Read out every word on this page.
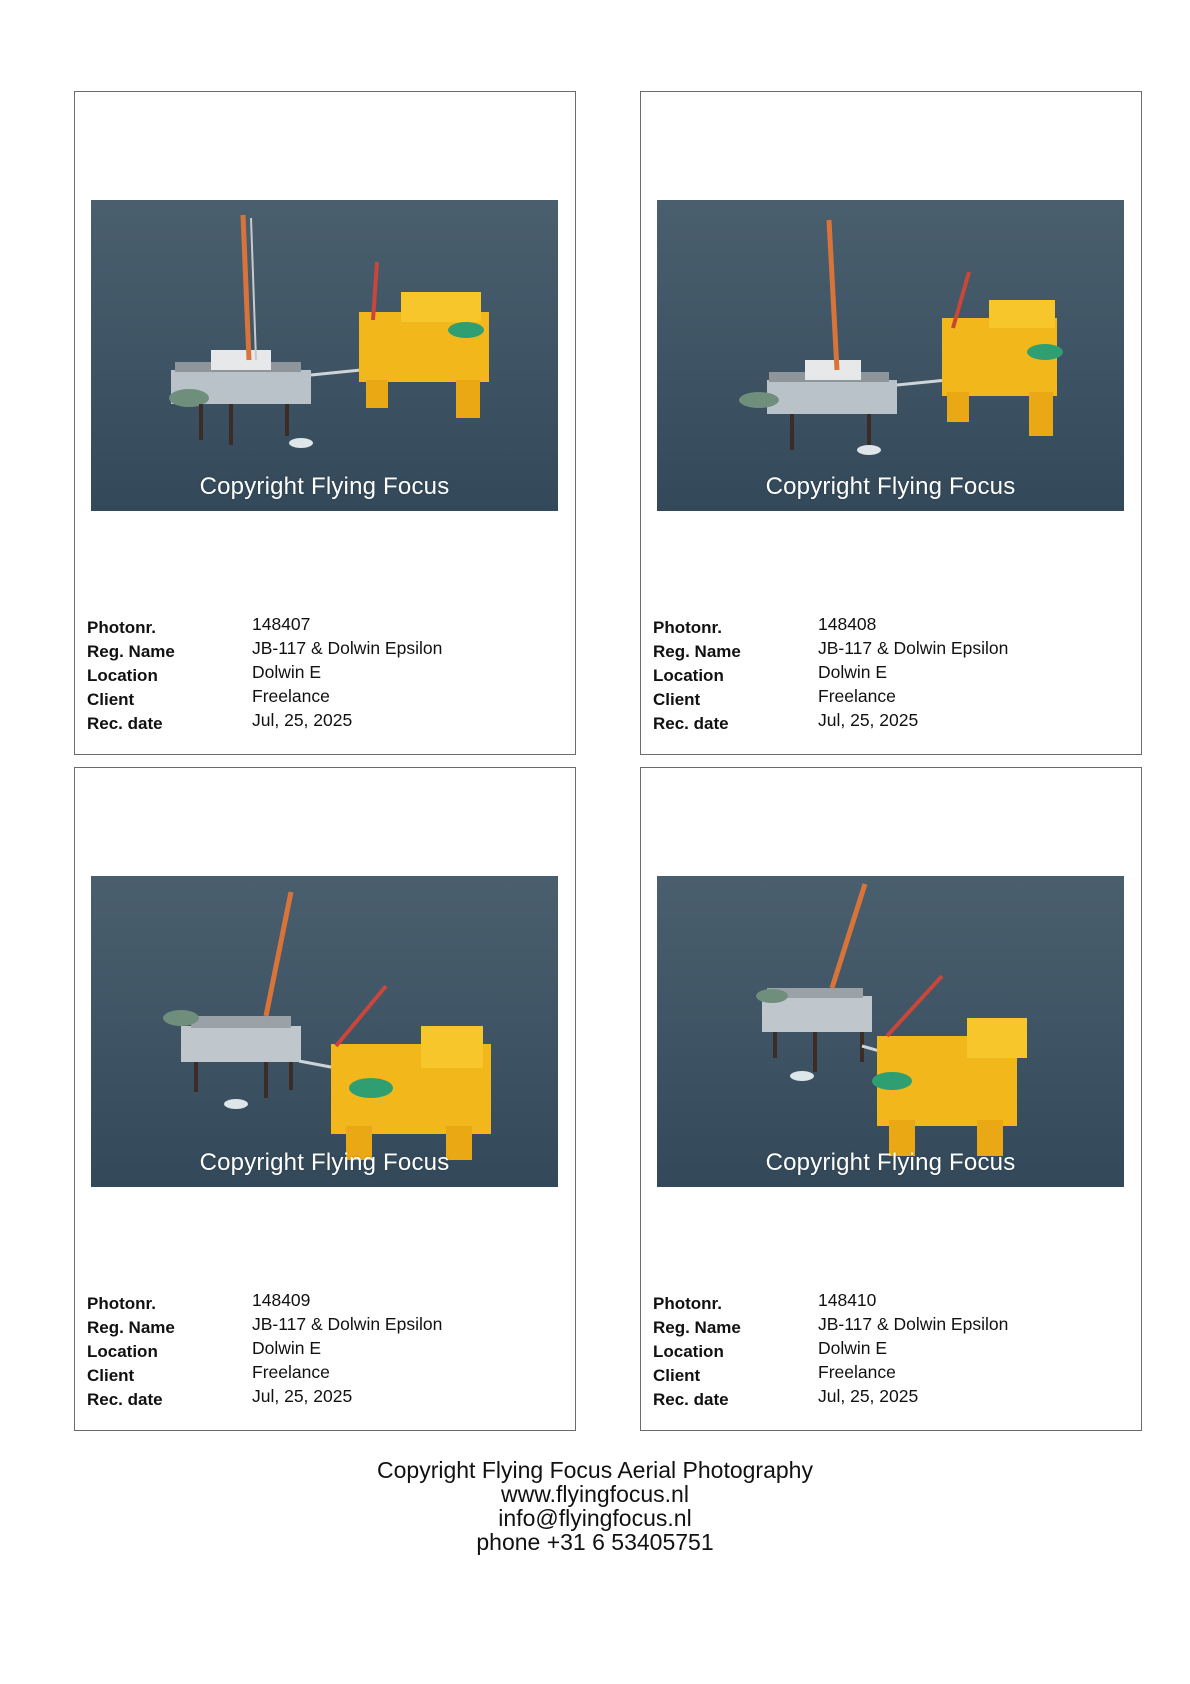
Copyright Flying Focus
Photonr.	148407
Reg. Name	JB-117 & Dolwin Epsilon
Location	Dolwin E
Client	Freelance
Rec. date	Jul, 25, 2025
Copyright Flying Focus
Photonr.	148408
Reg. Name	JB-117 & Dolwin Epsilon
Location	Dolwin E
Client	Freelance
Rec. date	Jul, 25, 2025
Copyright Flying Focus
Photonr.	148409
Reg. Name	JB-117 & Dolwin Epsilon
Location	Dolwin E
Client	Freelance
Rec. date	Jul, 25, 2025
Copyright Flying Focus
Photonr.	148410
Reg. Name	JB-117 & Dolwin Epsilon
Location	Dolwin E
Client	Freelance
Rec. date	Jul, 25, 2025
Copyright Flying Focus Aerial Photography
www.flyingfocus.nl
info@flyingfocus.nl
phone +31 6 53405751
